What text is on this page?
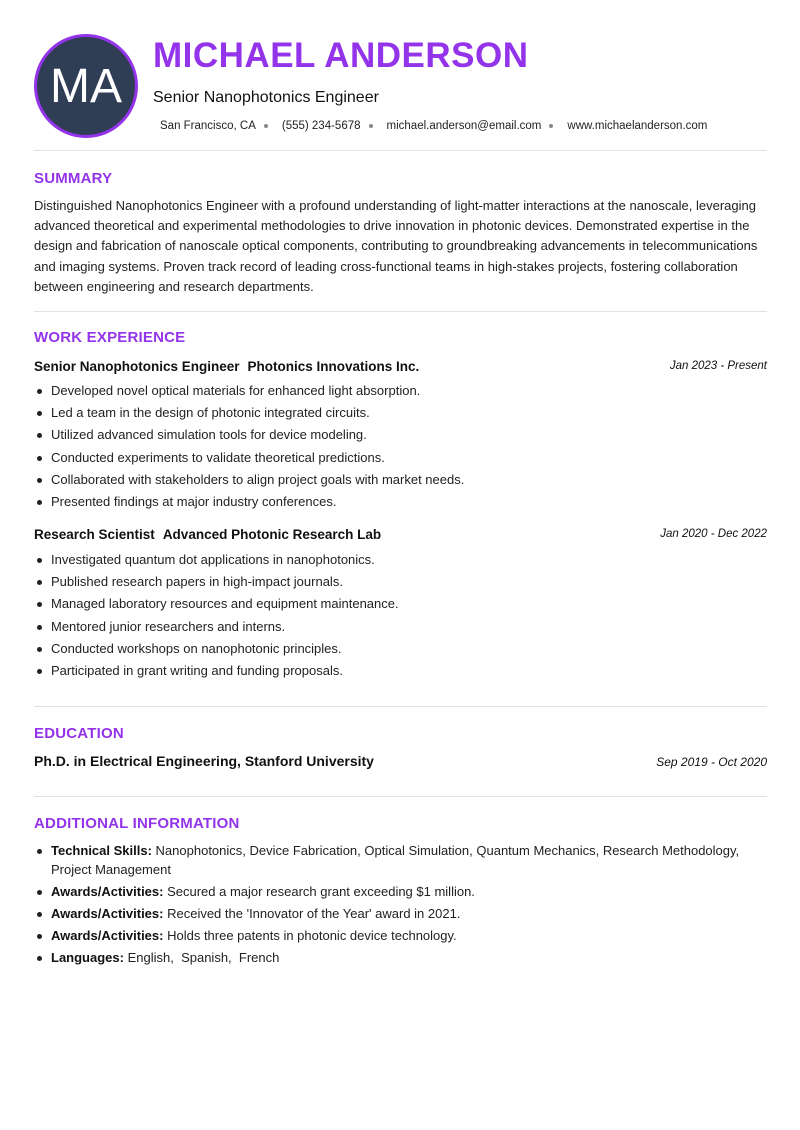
MA
MICHAEL ANDERSON
Senior Nanophotonics Engineer
San Francisco, CA (555) 234-5678 michael.anderson@email.com www.michaelanderson.com
SUMMARY
Distinguished Nanophotonics Engineer with a profound understanding of light-matter interactions at the nanoscale, leveraging advanced theoretical and experimental methodologies to drive innovation in photonic devices. Demonstrated expertise in the design and fabrication of nanoscale optical components, contributing to groundbreaking advancements in telecommunications and imaging systems. Proven track record of leading cross-functional teams in high-stakes projects, fostering collaboration between engineering and research departments.
WORK EXPERIENCE
Senior Nanophotonics Engineer Photonics Innovations Inc.	Jan 2023 - Present
Developed novel optical materials for enhanced light absorption.
Led a team in the design of photonic integrated circuits.
Utilized advanced simulation tools for device modeling.
Conducted experiments to validate theoretical predictions.
Collaborated with stakeholders to align project goals with market needs.
Presented findings at major industry conferences.
Research Scientist Advanced Photonic Research Lab	Jan 2020 - Dec 2022
Investigated quantum dot applications in nanophotonics.
Published research papers in high-impact journals.
Managed laboratory resources and equipment maintenance.
Mentored junior researchers and interns.
Conducted workshops on nanophotonic principles.
Participated in grant writing and funding proposals.
EDUCATION
Ph.D. in Electrical Engineering, Stanford University	Sep 2019 - Oct 2020
ADDITIONAL INFORMATION
Technical Skills: Nanophotonics, Device Fabrication, Optical Simulation, Quantum Mechanics, Research Methodology, Project Management
Awards/Activities: Secured a major research grant exceeding $1 million.
Awards/Activities: Received the 'Innovator of the Year' award in 2021.
Awards/Activities: Holds three patents in photonic device technology.
Languages: English,  Spanish,  French
